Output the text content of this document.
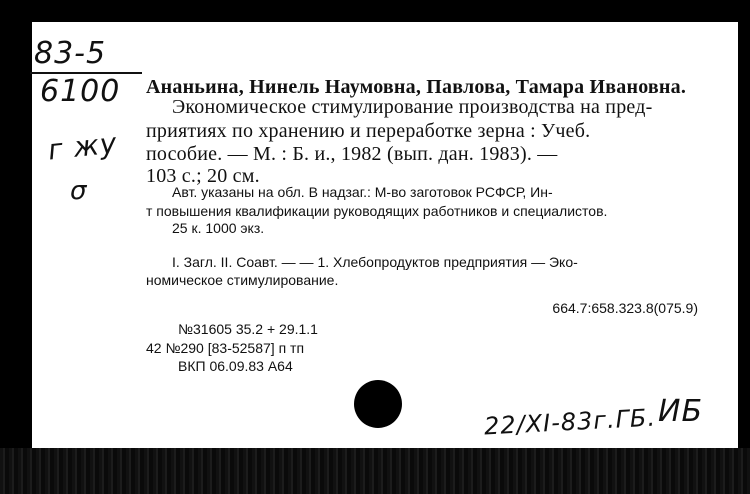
83-5
6100
г жу
σ
Ананьина, Нинель Наумовна, Павлова, Тамара Ивановна.
Экономическое стимулирование производства на пред-
приятиях по хранению и переработке зерна : Учеб.
пособие. — М. : Б. и., 1982 (вып. дан. 1983). —
103 с.; 20 см.
Авт. указаны на обл. В надзаг.: М-во заготовок РСФСР, Ин-
т повышения квалификации руководящих работников и специалистов.
25 к. 1000 экз.
I. Загл. II. Соавт. — — 1. Хлебопродуктов предприятия — Эко-
номическое стимулирование.
664.7:658.323.8(075.9)
№31605 35.2 + 29.1.1
42 №290 [83-52587] п тп
ВКП 06.09.83 А64
22/XI-83г.ГБ. ИБ
